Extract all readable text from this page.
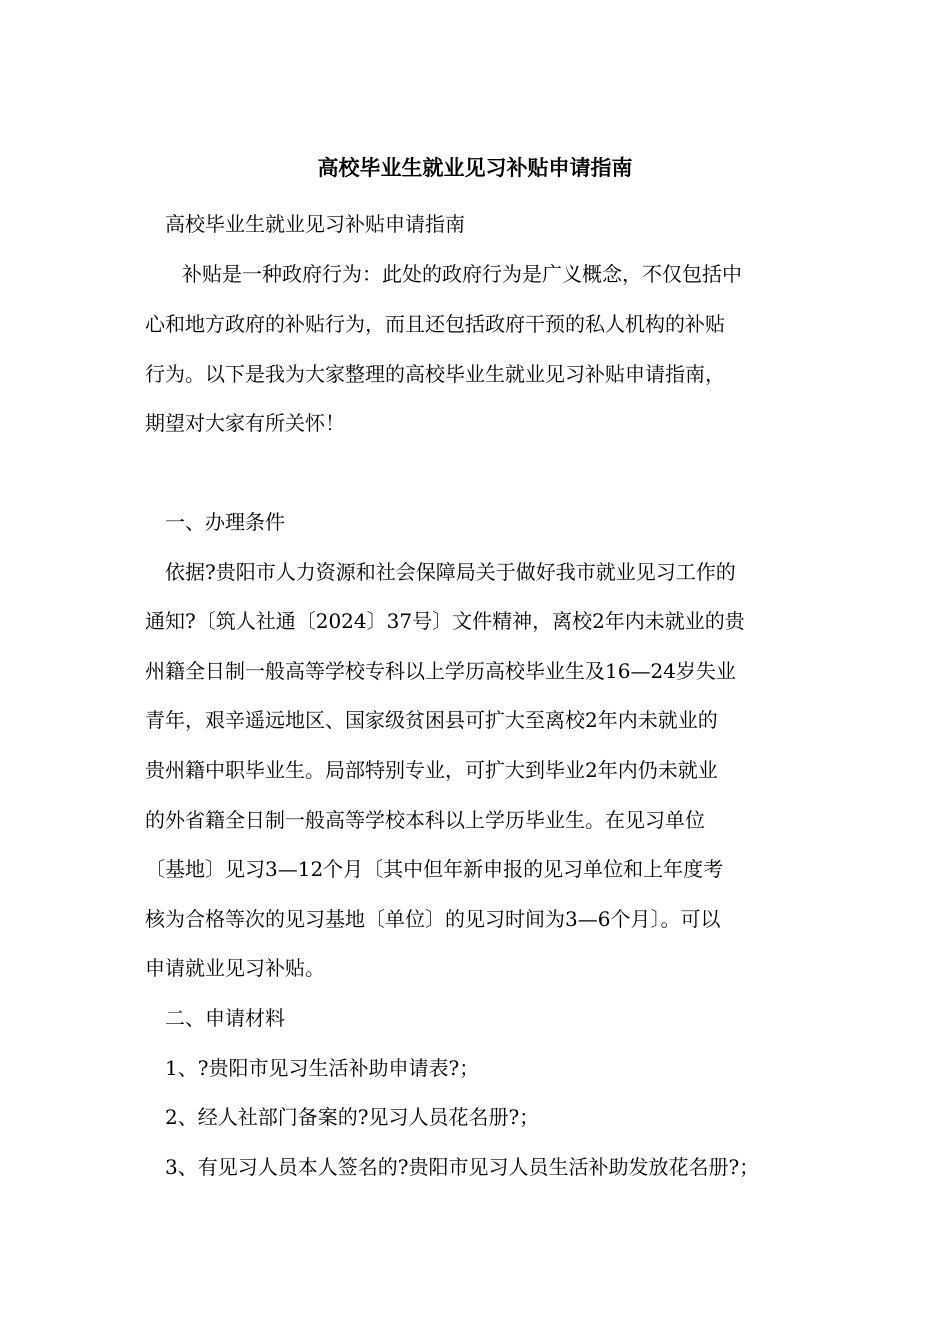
高校毕业生就业见习补贴申请指南
高校毕业生就业见习补贴申请指南
补贴是一种政府行为：此处的政府行为是广义概念，不仅包括中
心和地方政府的补贴行为，而且还包括政府干预的私人机构的补贴
行为。以下是我为大家整理的高校毕业生就业见习补贴申请指南，
期望对大家有所关怀！
一、办理条件
依据?贵阳市人力资源和社会保障局关于做好我市就业见习工作的
通知?〔筑人社通〔2024〕37号〕文件精神，离校2年内未就业的贵
州籍全日制一般高等学校专科以上学历高校毕业生及16—24岁失业
青年，艰辛遥远地区、国家级贫困县可扩大至离校2年内未就业的
贵州籍中职毕业生。局部特别专业，可扩大到毕业2年内仍未就业
的外省籍全日制一般高等学校本科以上学历毕业生。在见习单位
〔基地〕见习3—12个月〔其中但年新申报的见习单位和上年度考
核为合格等次的见习基地〔单位〕的见习时间为3—6个月〕。可以
申请就业见习补贴。
二、申请材料
1、?贵阳市见习生活补助申请表?；
2、经人社部门备案的?见习人员花名册?；
3、有见习人员本人签名的?贵阳市见习人员生活补助发放花名册?；
